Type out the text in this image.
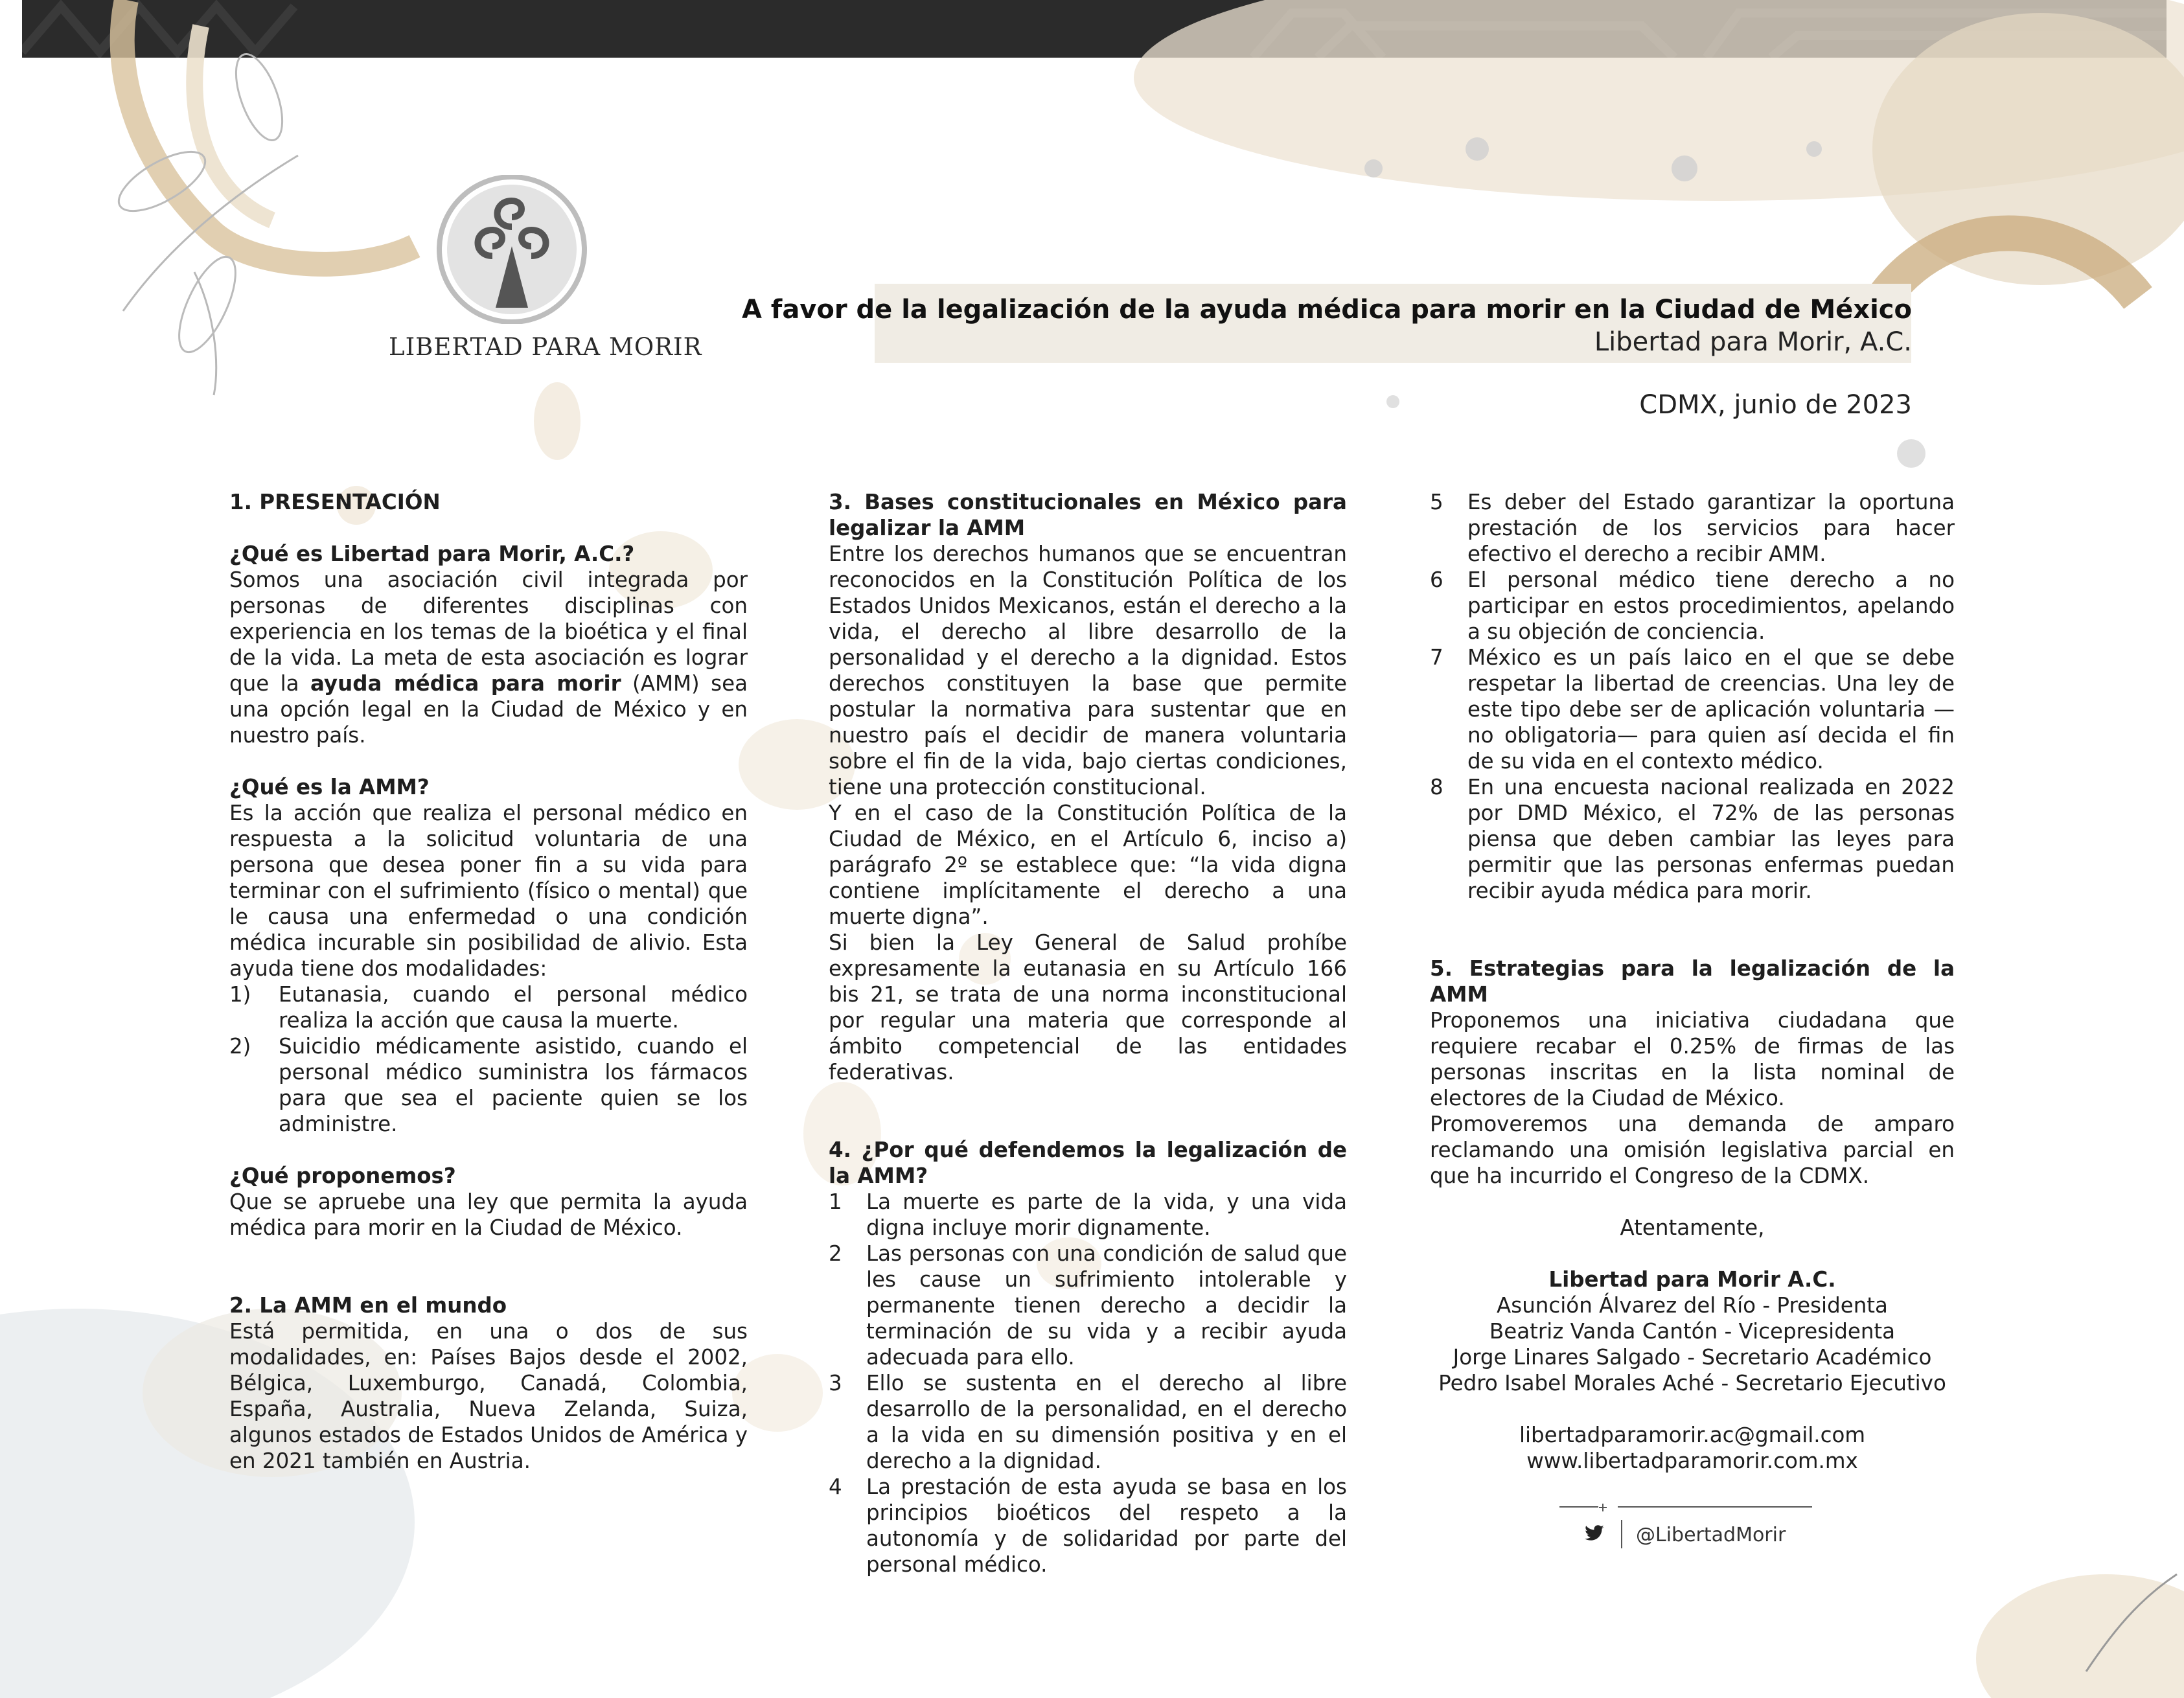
LIBERTAD PARA MORIR
A favor de la legalización de la ayuda médica para morir en la Ciudad de México
Libertad para Morir, A.C.
CDMX, junio de 2023

1. PRESENTACIÓN

¿Qué es Libertad para Morir, A.C.?

Somos una asociación civil integrada por personas de diferentes disciplinas con experiencia en los temas de la bioética y el final de la vida. La meta de esta asociación es lograr que la ayuda médica para morir (AMM) sea una opción legal en la Ciudad de México y en nuestro país.

¿Qué es la AMM?

Es la acción que realiza el personal médico en respuesta a la solicitud voluntaria de una persona que desea poner fin a su vida para terminar con el sufrimiento (físico o mental) que le causa una enfermedad o una condición médica incurable sin posibilidad de alivio. Esta ayuda tiene dos modalidades:

1) Eutanasia, cuando el personal médico realiza la acción que causa la muerte.

2) Suicidio médicamente asistido, cuando el personal médico suministra los fármacos para que sea el paciente quien se los administre.

¿Qué proponemos?

Que se apruebe una ley que permita la ayuda médica para morir en la Ciudad de México.

2. La AMM en el mundo

Está permitida, en una o dos de sus modalidades, en: Países Bajos desde el 2002, Bélgica, Luxemburgo, Canadá, Colombia, España, Australia, Nueva Zelanda, Suiza, algunos estados de Estados Unidos de América y en 2021 también en Austria.

3. Bases constitucionales en México para legalizar la AMM

Entre los derechos humanos que se encuentran reconocidos en la Constitución Política de los Estados Unidos Mexicanos, están el derecho a la vida, el derecho al libre desarrollo de la personalidad y el derecho a la dignidad. Estos derechos constituyen la base que permite postular la normativa para sustentar que en nuestro país el decidir de manera voluntaria sobre el fin de la vida, bajo ciertas condiciones, tiene una protección constitucional.

Y en el caso de la Constitución Política de la Ciudad de México, en el Artículo 6, inciso a) parágrafo 2º se establece que: “la vida digna contiene implícitamente el derecho a una muerte digna”.

Si bien la Ley General de Salud prohíbe expresamente la eutanasia en su Artículo 166 bis 21, se trata de una norma inconstitucional por regular una materia que corresponde al ámbito competencial de las entidades federativas.

4. ¿Por qué defendemos la legalización de la AMM?

1 La muerte es parte de la vida, y una vida digna incluye morir dignamente.

2 Las personas con una condición de salud que les cause un sufrimiento intolerable y permanente tienen derecho a decidir la terminación de su vida y a recibir ayuda adecuada para ello.

3 Ello se sustenta en el derecho al libre desarrollo de la personalidad, en el derecho a la vida en su dimensión positiva y en el derecho a la dignidad.

4 La prestación de esta ayuda se basa en los principios bioéticos del respeto a la autonomía y de solidaridad por parte del personal médico.

5 Es deber del Estado garantizar la oportuna prestación de los servicios para hacer efectivo el derecho a recibir AMM.

6 El personal médico tiene derecho a no participar en estos procedimientos, apelando a su objeción de conciencia.

7 México es un país laico en el que se debe respetar la libertad de creencias. Una ley de este tipo debe ser de aplicación voluntaria —no obligatoria— para quien así decida el fin de su vida en el contexto médico.

8 En una encuesta nacional realizada en 2022 por DMD México, el 72% de las personas piensa que deben cambiar las leyes para permitir que las personas enfermas puedan recibir ayuda médica para morir.

5. Estrategias para la legalización de la AMM

Proponemos una iniciativa ciudadana que requiere recabar el 0.25% de firmas de las personas inscritas en la lista nominal de electores de la Ciudad de México.

Promoveremos una demanda de amparo reclamando una omisión legislativa parcial en que ha incurrido el Congreso de la CDMX.

Atentamente,

Libertad para Morir A.C.

Asunción Álvarez del Río - Presidenta

Beatriz Vanda Cantón - Vicepresidenta

Jorge Linares Salgado - Secretario Académico

Pedro Isabel Morales Aché - Secretario Ejecutivo

libertadparamorir.ac@gmail.com

www.libertadparamorir.com.mx

@LibertadMorir
